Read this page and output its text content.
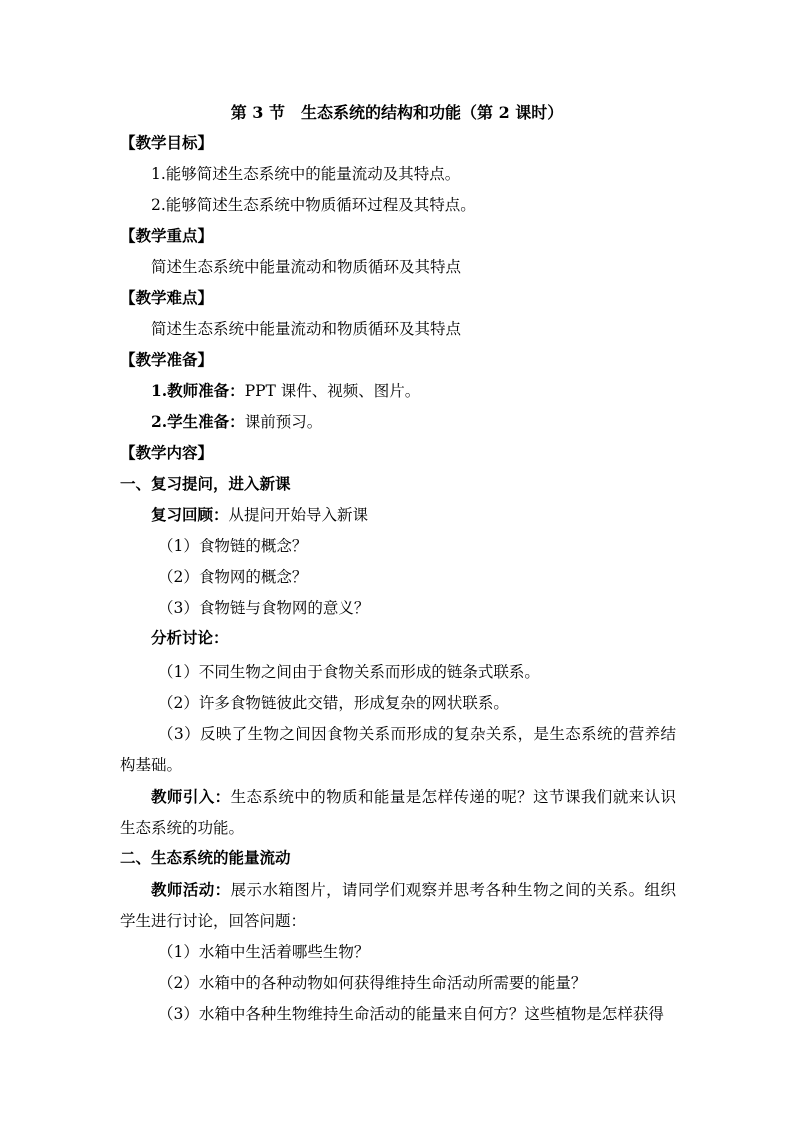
第 3 节　生态系统的结构和功能（第 2 课时）
【教学目标】
1.能够简述生态系统中的能量流动及其特点。
2.能够简述生态系统中物质循环过程及其特点。
【教学重点】
简述生态系统中能量流动和物质循环及其特点
【教学难点】
简述生态系统中能量流动和物质循环及其特点
【教学准备】
1.教师准备：PPT 课件、视频、图片。
2.学生准备：课前预习。
【教学内容】
一、复习提问，进入新课
复习回顾：从提问开始导入新课
（1）食物链的概念？
（2）食物网的概念？
（3）食物链与食物网的意义？
分析讨论：
（1）不同生物之间由于食物关系而形成的链条式联系。
（2）许多食物链彼此交错，形成复杂的网状联系。

（3）反映了生物之间因食物关系而形成的复杂关系，是生态系统的营养结构基础。

教师引入：生态系统中的物质和能量是怎样传递的呢？这节课我们就来认识生态系统的功能。

二、生态系统的能量流动

教师活动：展示水箱图片，请同学们观察并思考各种生物之间的关系。组织学生进行讨论，回答问题：

（1）水箱中生活着哪些生物？
（2）水箱中的各种动物如何获得维持生命活动所需要的能量？
（3）水箱中各种生物维持生命活动的能量来自何方？这些植物是怎样获得
